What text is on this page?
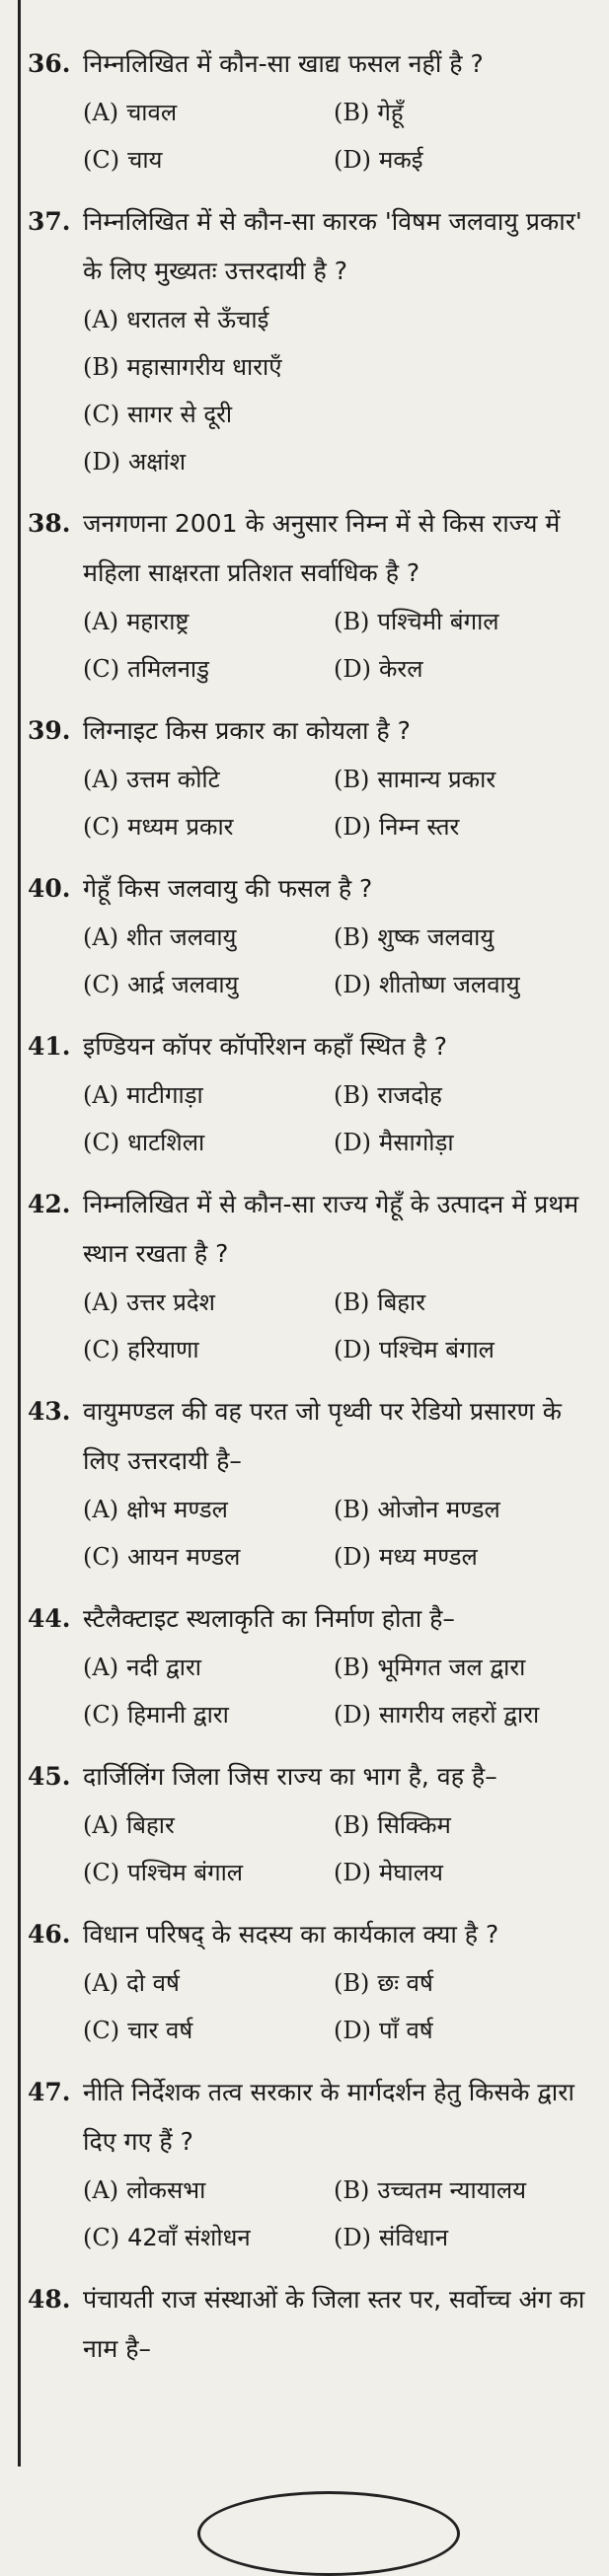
36. निम्नलिखित में कौन-सा खाद्य फसल नहीं है ?
(A) चावल	(B) गेहूँ
(C) चाय	(D) मकई
37. निम्नलिखित में से कौन-सा कारक 'विषम जलवायु प्रकार' के लिए मुख्यतः उत्तरदायी है ?
(A) धरातल से ऊँचाई
(B) महासागरीय धाराएँ
(C) सागर से दूरी
(D) अक्षांश
38. जनगणना 2001 के अनुसार निम्न में से किस राज्य में महिला साक्षरता प्रतिशत सर्वाधिक है ?
(A) महाराष्ट्र	(B) पश्चिमी बंगाल
(C) तमिलनाडु	(D) केरल
39. लिग्नाइट किस प्रकार का कोयला है ?
(A) उत्तम कोटि	(B) सामान्य प्रकार
(C) मध्यम प्रकार	(D) निम्न स्तर
40. गेहूँ किस जलवायु की फसल है ?
(A) शीत जलवायु	(B) शुष्क जलवायु
(C) आर्द्र जलवायु	(D) शीतोष्ण जलवायु
41. इण्डियन कॉपर कॉर्पोरेशन कहाँ स्थित है ?
(A) माटीगाड़ा	(B) राजदोह
(C) धाटशिला	(D) मैसागोड़ा
42. निम्नलिखित में से कौन-सा राज्य गेहूँ के उत्पादन में प्रथम स्थान रखता है ?
(A) उत्तर प्रदेश	(B) बिहार
(C) हरियाणा	(D) पश्चिम बंगाल
43. वायुमण्डल की वह परत जो पृथ्वी पर रेडियो प्रसारण के लिए उत्तरदायी है–
(A) क्षोभ मण्डल	(B) ओजोन मण्डल
(C) आयन मण्डल	(D) मध्य मण्डल
44. स्टैलैक्टाइट स्थलाकृति का निर्माण होता है–
(A) नदी द्वारा	(B) भूमिगत जल द्वारा
(C) हिमानी द्वारा	(D) सागरीय लहरों द्वारा
45. दार्जिलिंग जिला जिस राज्य का भाग है, वह है–
(A) बिहार	(B) सिक्किम
(C) पश्चिम बंगाल	(D) मेघालय
46. विधान परिषद् के सदस्य का कार्यकाल क्या है ?
(A) दो वर्ष	(B) छः वर्ष
(C) चार वर्ष	(D) पाँ वर्ष
47. नीति निर्देशक तत्व सरकार के मार्गदर्शन हेतु किसके द्वारा दिए गए हैं ?
(A) लोकसभा	(B) उच्चतम न्यायालय
(C) 42वाँ संशोधन	(D) संविधान
48. पंचायती राज संस्थाओं के जिला स्तर पर, सर्वोच्च अंग का नाम है–
